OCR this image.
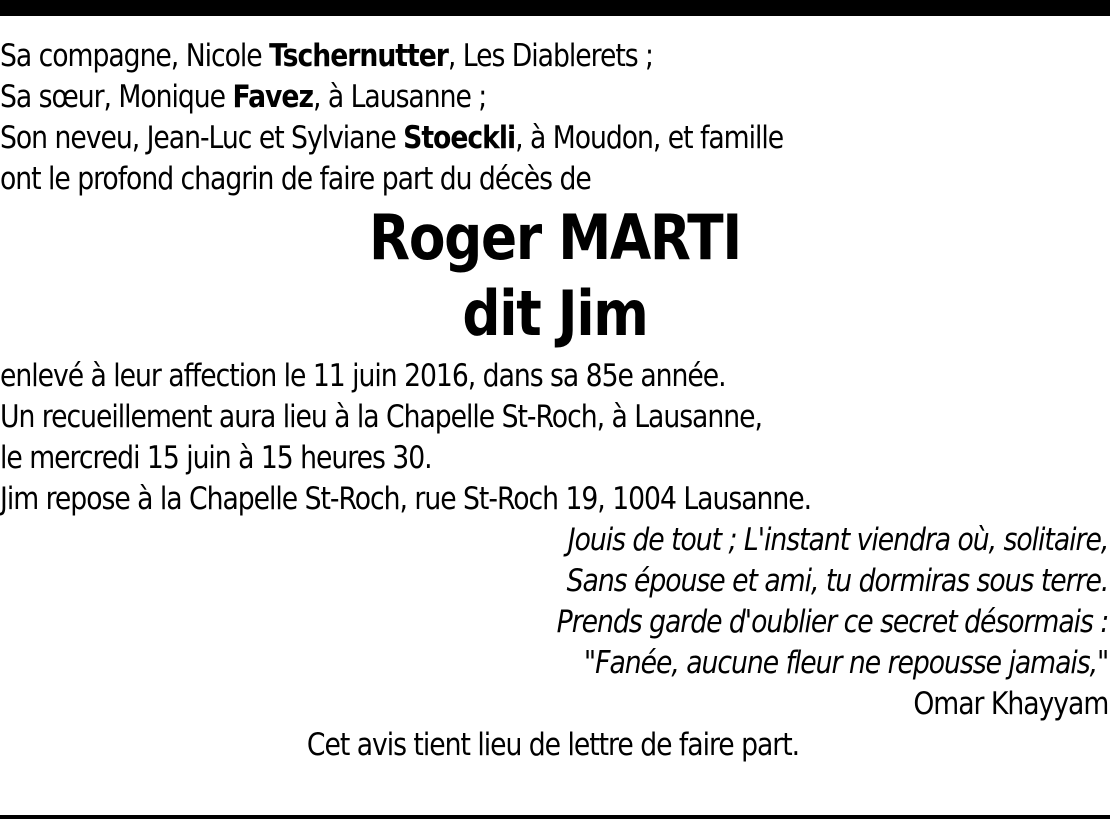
Sa compagne, Nicole Tschernutter, Les Diablerets ;
Sa sœur, Monique Favez, à Lausanne ;
Son neveu, Jean-Luc et Sylviane Stoeckli, à Moudon, et famille
ont le profond chagrin de faire part du décès de
Roger MARTI
dit Jim
enlevé à leur affection le 11 juin 2016, dans sa 85e année.
Un recueillement aura lieu à la Chapelle St-Roch, à Lausanne,
le mercredi 15 juin à 15 heures 30.
Jim repose à la Chapelle St-Roch, rue St-Roch 19, 1004 Lausanne.
Jouis de tout ; L'instant viendra où, solitaire,
Sans épouse et ami, tu dormiras sous terre.
Prends garde d'oublier ce secret désormais :
"Fanée, aucune fleur ne repousse jamais,"
Omar Khayyam
Cet avis tient lieu de lettre de faire part.
